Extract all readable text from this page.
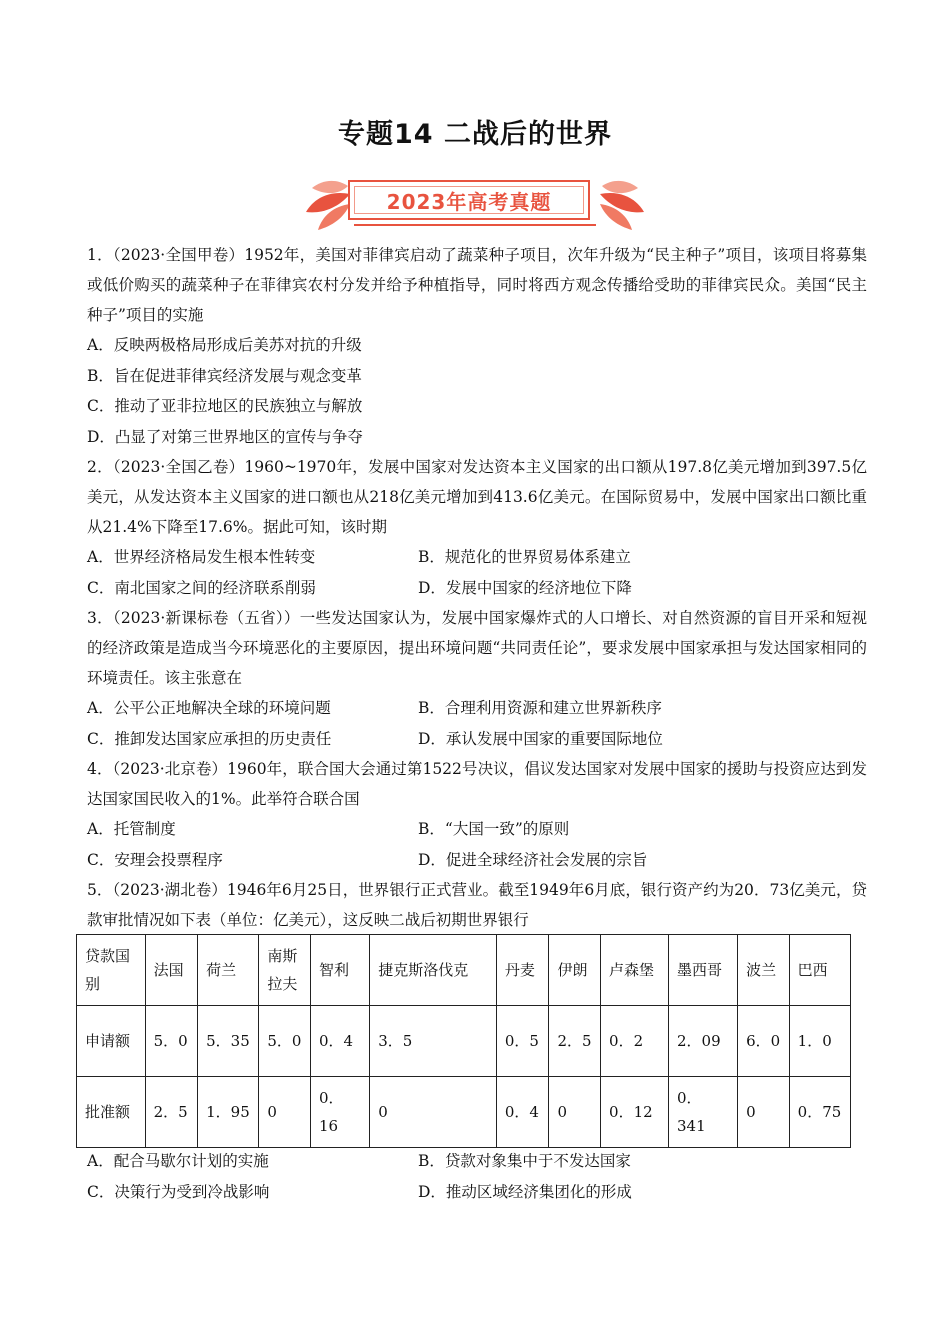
专题14 二战后的世界
2023年高考真题

1．（2023·全国甲卷）1952年，美国对菲律宾启动了蔬菜种子项目，次年升级为“民主种子”项目，该项目将募集或低价购买的蔬菜种子在菲律宾农村分发并给予种植指导，同时将西方观念传播给受助的菲律宾民众。美国“民主种子”项目的实施

A．反映两极格局形成后美苏对抗的升级

B．旨在促进菲律宾经济发展与观念变革

C．推动了亚非拉地区的民族独立与解放

D．凸显了对第三世界地区的宣传与争夺

2．（2023·全国乙卷）1960~1970年，发展中国家对发达资本主义国家的出口额从197.8亿美元增加到397.5亿美元，从发达资本主义国家的进口额也从218亿美元增加到413.6亿美元。在国际贸易中，发展中国家出口额比重从21.4%下降至17.6%。据此可知，该时期

A．世界经济格局发生根本性转变	B．规范化的世界贸易体系建立
C．南北国家之间的经济联系削弱	D．发展中国家的经济地位下降

3．（2023·新课标卷（五省））一些发达国家认为，发展中国家爆炸式的人口增长、对自然资源的盲目开采和短视的经济政策是造成当今环境恶化的主要原因，提出环境问题“共同责任论”，要求发展中国家承担与发达国家相同的环境责任。该主张意在

A．公平公正地解决全球的环境问题	B．合理利用资源和建立世界新秩序
C．推卸发达国家应承担的历史责任	D．承认发展中国家的重要国际地位

4．（2023·北京卷）1960年，联合国大会通过第1522号决议，倡议发达国家对发展中国家的援助与投资应达到发达国家国民收入的1%。此举符合联合国

A．托管制度	B．“大国一致”的原则
C．安理会投票程序	D．促进全球经济社会发展的宗旨

5．（2023·湖北卷）1946年6月25日，世界银行正式营业。截至1949年6月底，银行资产约为20．73亿美元，贷款审批情况如下表（单位：亿美元），这反映二战后初期世界银行

贷款国别	法国	荷兰	南斯拉夫	智利	捷克斯洛伐克	丹麦	伊朗	卢森堡	墨西哥	波兰	巴西
申请额	5．0	5．35	5．0	0．4	3．5	0．5	2．5	0．2	2．09	6．0	1．0
批准额	2．5	1．95	0	0．16	0	0．4	0	0．12	0．341	0	0．75
A．配合马歇尔计划的实施	B．贷款对象集中于不发达国家
C．决策行为受到冷战影响	D．推动区域经济集团化的形成
